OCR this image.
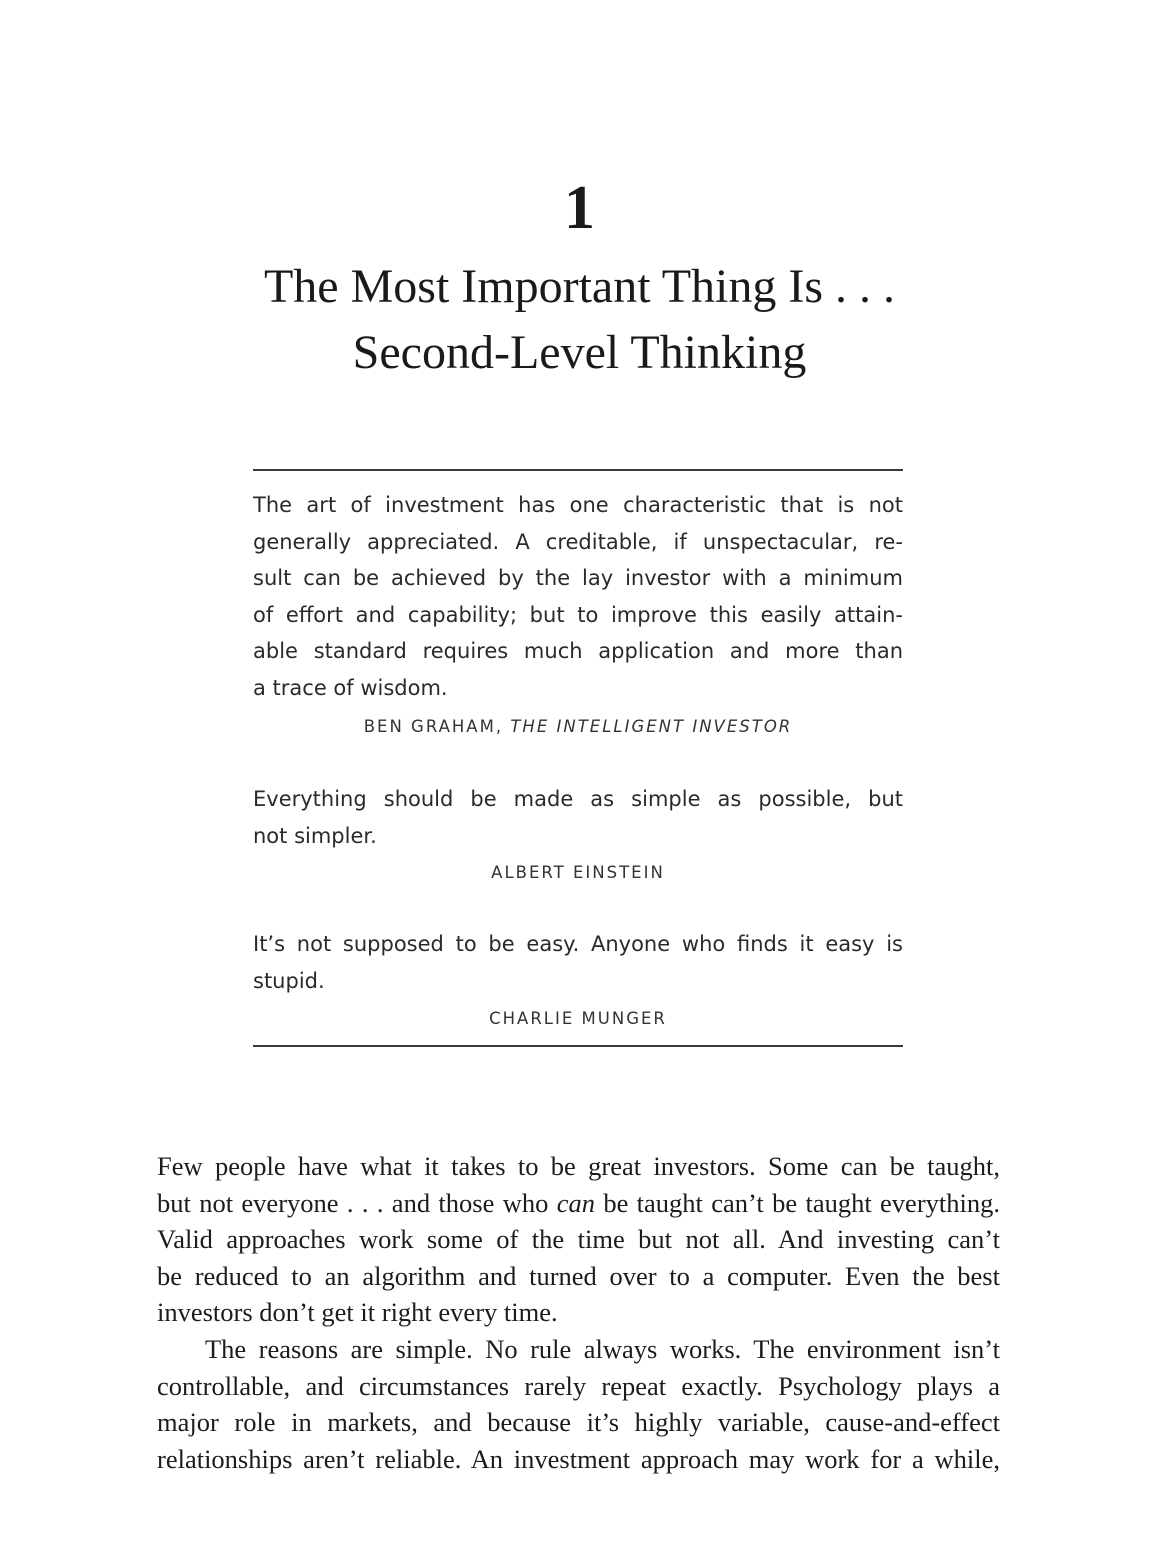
1
The Most Important Thing Is . . .
Second-Level Thinking
The art of investment has one characteristic that is not
generally appreciated. A creditable, if unspectacular, re-
sult can be achieved by the lay investor with a minimum
of effort and capability; but to improve this easily attain-
able standard requires much application and more than
a trace of wisdom.
BEN GRAHAM, THE INTELLIGENT INVESTOR
Everything should be made as simple as possible, but
not simpler.
ALBERT EINSTEIN
It’s not supposed to be easy. Anyone who finds it easy is
stupid.
CHARLIE MUNGER
Few people have what it takes to be great investors. Some can be taught,
but not everyone . . . and those who can be taught can’t be taught everything.
Valid approaches work some of the time but not all. And investing can’t
be reduced to an algorithm and turned over to a computer. Even the best
investors don’t get it right every time.
The reasons are simple. No rule always works. The environment isn’t
controllable, and circumstances rarely repeat exactly. Psychology plays a
major role in markets, and because it’s highly variable, cause-and-effect
relationships aren’t reliable. An investment approach may work for a while,
